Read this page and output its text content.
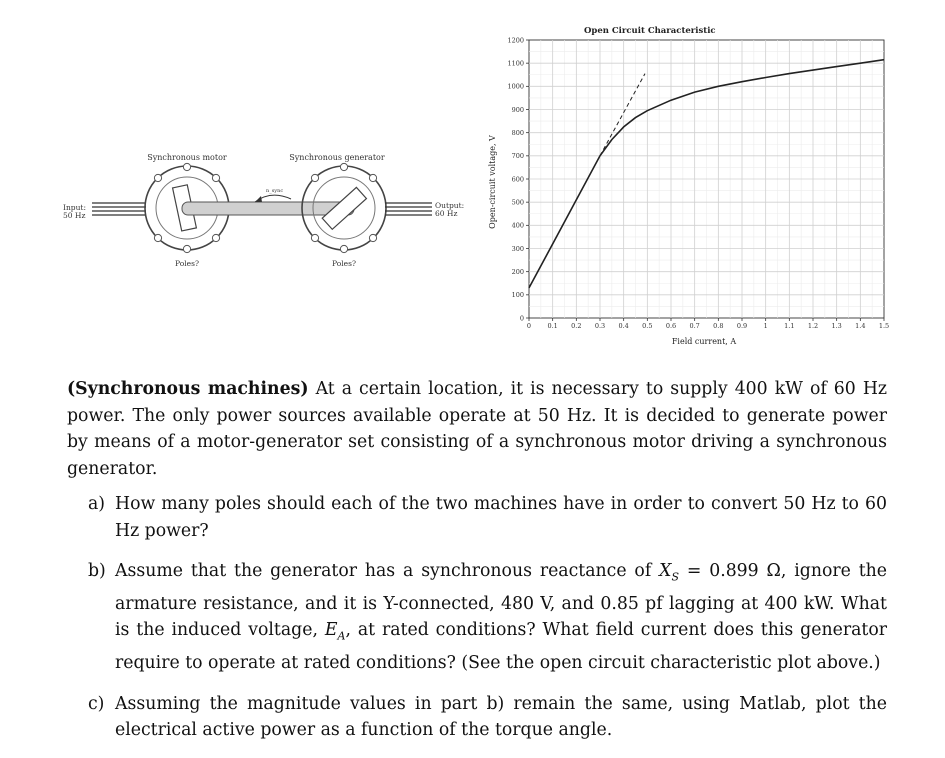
Synchronous motor	Synchronous generator
Input:
50 Hz
n_sync
Output:
60 Hz
Poles?	Poles?
0	0.1 0.2 0.3 0.4 0.5 0.6 0.7 0.8 0.9	1	1.1 1.2 1.3 1.4 1.5
0
100
200
300
400
500
600
700
800
900
1000
1100
1200
Open Circuit Characteristic
Field current, A
Open-circuit voltage, V

(Synchronous machines) At a certain location, it is necessary to supply 400 kW of 60 Hz power. The only power sources available operate at 50 Hz. It is decided to generate power by means of a motor-generator set consisting of a synchronous motor driving a synchronous generator.

a) How many poles should each of the two machines have in order to convert 50 Hz to 60 Hz power?
b) Assume that the generator has a synchronous reactance of $X_S = 0.899$ Ω, ignore the armature resistance, and it is Y-connected, 480 V, and 0.85 pf lagging at 400 kW. What is the induced voltage, $E_A$, at rated conditions? What field current does this generator require to operate at rated conditions? (See the open circuit characteristic plot above.)
c) Assuming the magnitude values in part b) remain the same, using Matlab, plot the electrical active power as a function of the torque angle.
